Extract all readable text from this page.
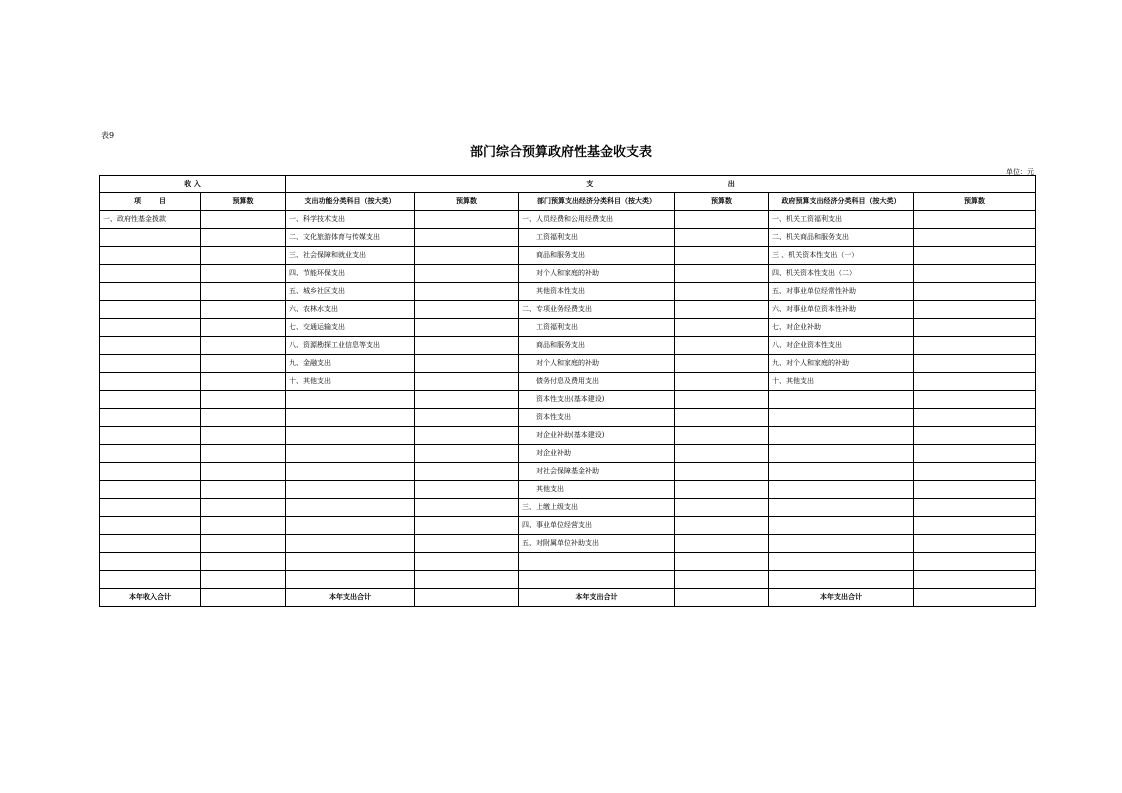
表9
部门综合预算政府性基金收支表
单位：元
收 入		支 出					

项 目	预算数	支出功能分类科目（按大类）	预算数	部门预算支出经济分类科目（按大类）	预算数	政府预算支出经济分类科目（按大类）	预算数
一、政府性基金拨款		一、科学技术支出		一、人员经费和公用经费支出		一、机关工资福利支出	
		二、文化旅游体育与传媒支出		工资福利支出		二、机关商品和服务支出	
		三、社会保障和就业支出		商品和服务支出		三 、机关资本性支出（一）	
		四、节能环保支出		对个人和家庭的补助		四、机关资本性支出（二）	
		五、城乡社区支出		其他资本性支出		五、对事业单位经常性补助	
		六、农林水支出		二、专项业务经费支出		六、对事业单位资本性补助	
		七、交通运输支出		工资福利支出		七、对企业补助	
		八、资源勘探工业信息等支出		商品和服务支出		八、对企业资本性支出	
		九、金融支出		对个人和家庭的补助		九、对个人和家庭的补助	
		十、其他支出		债务付息及费用支出		十、其他支出	
				资本性支出(基本建设)			
				资本性支出			
				对企业补助(基本建设)			
				对企业补助			
				对社会保障基金补助			
				其他支出			
				三、上缴上级支出			
				四、事业单位经营支出			
				五、对附属单位补助支出			

本年收入合计		本年支出合计		本年支出合计		本年支出合计	
